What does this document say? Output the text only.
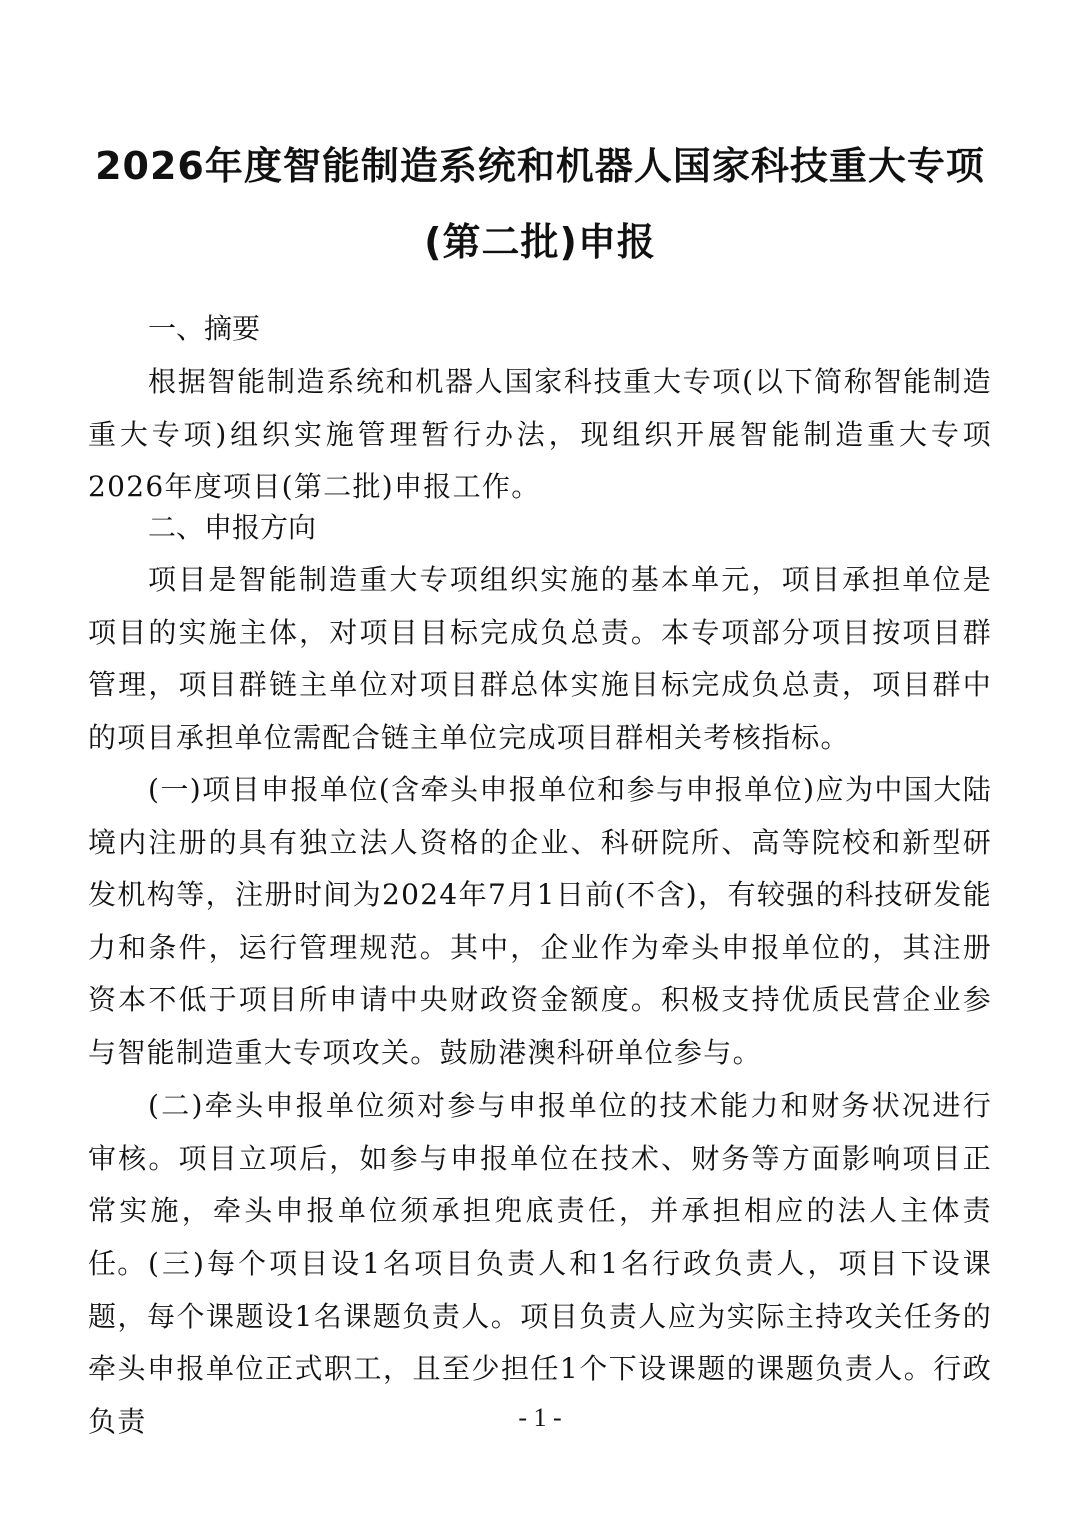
2026年度智能制造系统和机器人国家科技重大专项
(第二批)申报
一、摘要
根据智能制造系统和机器人国家科技重大专项(以下简称智能制造重大专项)组织实施管理暂行办法，现组织开展智能制造重大专项2026年度项目(第二批)申报工作。
二、申报方向
项目是智能制造重大专项组织实施的基本单元，项目承担单位是项目的实施主体，对项目目标完成负总责。本专项部分项目按项目群管理，项目群链主单位对项目群总体实施目标完成负总责，项目群中的项目承担单位需配合链主单位完成项目群相关考核指标。
(一)项目申报单位(含牵头申报单位和参与申报单位)应为中国大陆境内注册的具有独立法人资格的企业、科研院所、高等院校和新型研发机构等，注册时间为2024年7月1日前(不含)，有较强的科技研发能力和条件，运行管理规范。其中，企业作为牵头申报单位的，其注册资本不低于项目所申请中央财政资金额度。积极支持优质民营企业参与智能制造重大专项攻关。鼓励港澳科研单位参与。
(二)牵头申报单位须对参与申报单位的技术能力和财务状况进行审核。项目立项后，如参与申报单位在技术、财务等方面影响项目正常实施，牵头申报单位须承担兜底责任，并承担相应的法人主体责任。 (三)每个项目设1名项目负责人和1名行政负责人，项目下设课题，每个课题设1名课题负责人。项目负责人应为实际主持攻关任务的牵头申报单位正式职工，且至少担任1个下设课题的课题负责人。行政负责	- 1 -
